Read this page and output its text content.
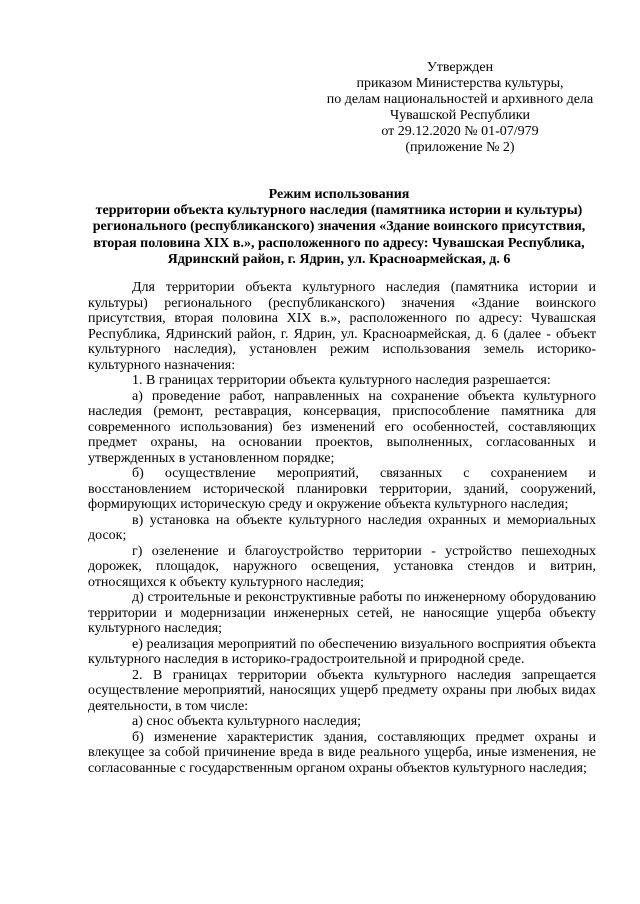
Утвержден
приказом Министерства культуры,
по делам национальностей и архивного дела
Чувашской Республики
от 29.12.2020 № 01-07/979
(приложение № 2)
Режим использования
территории объекта культурного наследия (памятника истории и культуры)
регионального (республиканского) значения «Здание воинского присутствия,
вторая половина XIX в.», расположенного по адресу: Чувашская Республика,
Ядринский район, г. Ядрин, ул. Красноармейская, д. 6

Для территории объекта культурного наследия (памятника истории и культуры) регионального (республиканского) значения «Здание воинского присутствия, вторая половина XIX в.», расположенного по адресу: Чувашская Республика, Ядринский район, г. Ядрин, ул. Красноармейская, д. 6 (далее - объект культурного наследия), установлен режим использования земель историко-культурного назначения:

1. В границах территории объекта культурного наследия разрешается:

а) проведение работ, направленных на сохранение объекта культурного наследия (ремонт, реставрация, консервация, приспособление памятника для современного использования) без изменений его особенностей, составляющих предмет охраны, на основании проектов, выполненных, согласованных и утвержденных в установленном порядке;

б) осуществление мероприятий, связанных с сохранением и восстановлением исторической планировки территории, зданий, сооружений, формирующих историческую среду и окружение объекта культурного наследия;

в) установка на объекте культурного наследия охранных и мемориальных досок;

г) озеленение и благоустройство территории - устройство пешеходных дорожек, площадок, наружного освещения, установка стендов и витрин, относящихся к объекту культурного наследия;

д) строительные и реконструктивные работы по инженерному оборудованию территории и модернизации инженерных сетей, не наносящие ущерба объекту культурного наследия;

е) реализация мероприятий по обеспечению визуального восприятия объекта культурного наследия в историко-градостроительной и природной среде.

2. В границах территории объекта культурного наследия запрещается осуществление мероприятий, наносящих ущерб предмету охраны при любых видах деятельности, в том числе:

а) снос объекта культурного наследия;

б) изменение характеристик здания, составляющих предмет охраны и влекущее за собой причинение вреда в виде реального ущерба, иные изменения, не согласованные с государственным органом охраны объектов культурного наследия;
